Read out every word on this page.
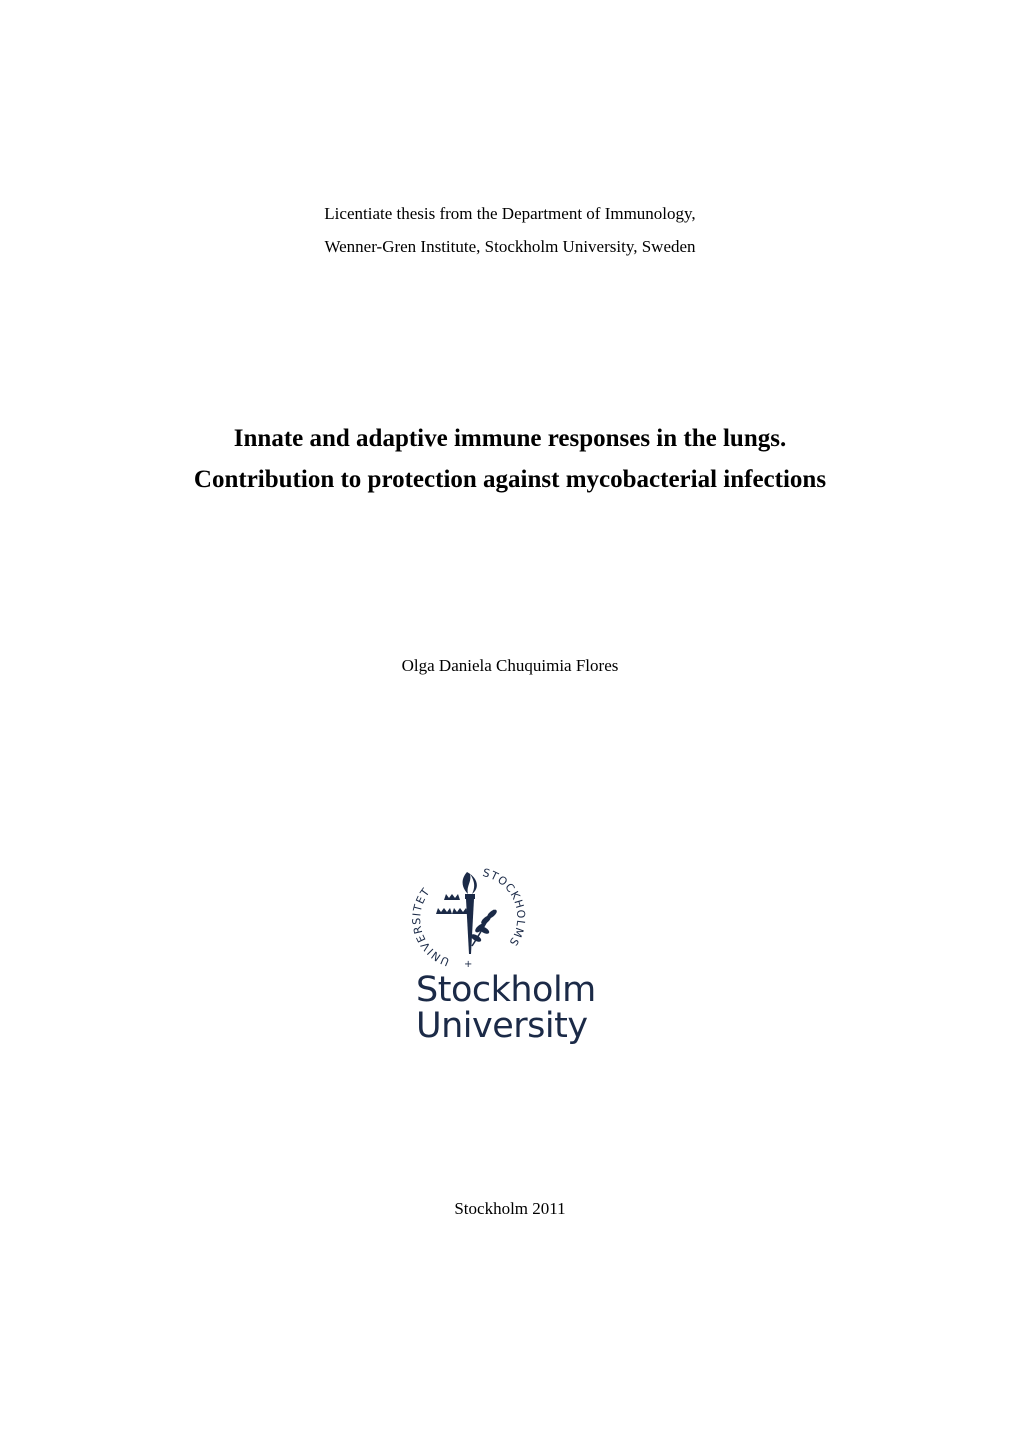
Licentiate thesis from the Department of Immunology,
Wenner-Gren Institute, Stockholm University, Sweden
Innate and adaptive immune responses in the lungs.
Contribution to protection against mycobacterial infections
Olga Daniela Chuquimia Flores
UNIVERSITET
STOCKHOLMS
+
Stockholm
University
Stockholm 2011
